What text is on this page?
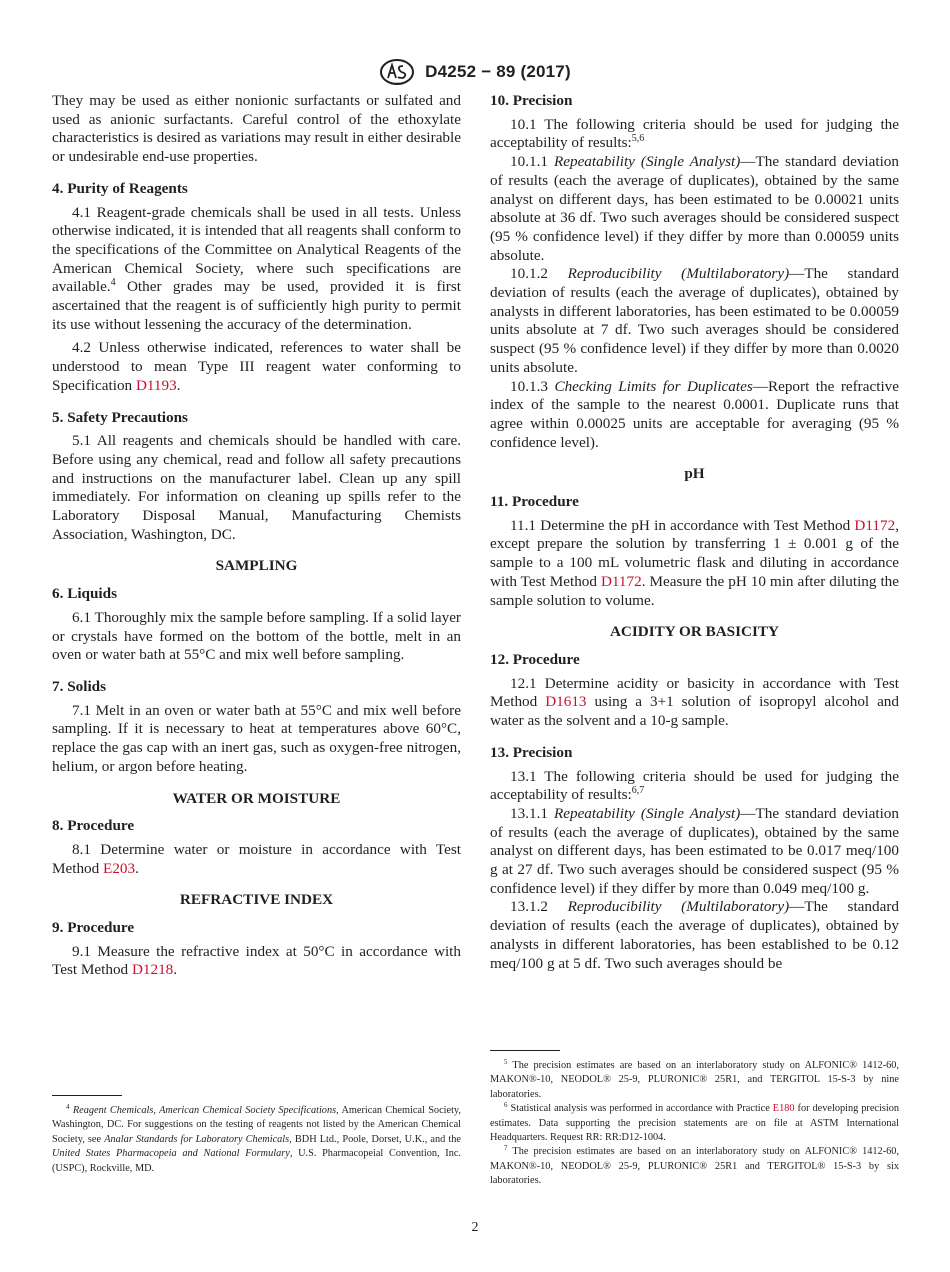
ASTM
D4252 − 89 (2017)

They may be used as either nonionic surfactants or sulfated and used as anionic surfactants. Careful control of the ethoxylate characteristics is desired as variations may result in either desirable or undesirable end-use properties.

4. Purity of Reagents

4.1 Reagent-grade chemicals shall be used in all tests. Unless otherwise indicated, it is intended that all reagents shall conform to the specifications of the Committee on Analytical Reagents of the American Chemical Society, where such specifications are available.$^4$ Other grades may be used, provided it is first ascertained that the reagent is of sufficiently high purity to permit its use without lessening the accuracy of the determination.

4.2 Unless otherwise indicated, references to water shall be understood to mean Type III reagent water conforming to Specification D1193.

5. Safety Precautions

5.1 All reagents and chemicals should be handled with care. Before using any chemical, read and follow all safety precautions and instructions on the manufacturer label. Clean up any spill immediately. For information on cleaning up spills refer to the Laboratory Disposal Manual, Manufacturing Chemists Association, Washington, DC.

SAMPLING
6. Liquids

6.1 Thoroughly mix the sample before sampling. If a solid layer or crystals have formed on the bottom of the bottle, melt in an oven or water bath at 55°C and mix well before sampling.

7. Solids

7.1 Melt in an oven or water bath at 55°C and mix well before sampling. If it is necessary to heat at temperatures above 60°C, replace the gas cap with an inert gas, such as oxygen-free nitrogen, helium, or argon before heating.

WATER OR MOISTURE
8. Procedure

8.1 Determine water or moisture in accordance with Test Method E203.

REFRACTIVE INDEX
9. Procedure

9.1 Measure the refractive index at 50°C in accordance with Test Method D1218.

10. Precision

10.1 The following criteria should be used for judging the acceptability of results:$^{5,6}$

10.1.1 Repeatability (Single Analyst)—The standard deviation of results (each the average of duplicates), obtained by the same analyst on different days, has been estimated to be 0.00021 units absolute at 36 df. Two such averages should be considered suspect (95 % confidence level) if they differ by more than 0.00059 units absolute.

10.1.2 Reproducibility (Multilaboratory)—The standard deviation of results (each the average of duplicates), obtained by analysts in different laboratories, has been estimated to be 0.00059 units absolute at 7 df. Two such averages should be considered suspect (95 % confidence level) if they differ by more than 0.0020 units absolute.

10.1.3 Checking Limits for Duplicates—Report the refractive index of the sample to the nearest 0.0001. Duplicate runs that agree within 0.00025 units are acceptable for averaging (95 % confidence level).

pH
11. Procedure

11.1 Determine the pH in accordance with Test Method D1172, except prepare the solution by transferring 1 ± 0.001 g of the sample to a 100 mL volumetric flask and diluting in accordance with Test Method D1172. Measure the pH 10 min after diluting the sample solution to volume.

ACIDITY OR BASICITY
12. Procedure

12.1 Determine acidity or basicity in accordance with Test Method D1613 using a 3+1 solution of isopropyl alcohol and water as the solvent and a 10-g sample.

13. Precision

13.1 The following criteria should be used for judging the acceptability of results:$^{6,7}$

13.1.1 Repeatability (Single Analyst)—The standard deviation of results (each the average of duplicates), obtained by the same analyst on different days, has been estimated to be 0.017 meq/100 g at 27 df. Two such averages should be considered suspect (95 % confidence level) if they differ by more than 0.049 meq/100 g.

13.1.2 Reproducibility (Multilaboratory)—The standard deviation of results (each the average of duplicates), obtained by analysts in different laboratories, has been established to be 0.12 meq/100 g at 5 df. Two such averages should be

$^4$ Reagent Chemicals, American Chemical Society Specifications, American Chemical Society, Washington, DC. For suggestions on the testing of reagents not listed by the American Chemical Society, see Analar Standards for Laboratory Chemicals, BDH Ltd., Poole, Dorset, U.K., and the United States Pharmacopeia and National Formulary, U.S. Pharmacopeial Convention, Inc. (USPC), Rockville, MD.

$^5$ The precision estimates are based on an interlaboratory study on ALFONIC® 1412-60, MAKON®-10, NEODOL® 25-9, PLURONIC® 25R1, and TERGITOL 15-S-3 by nine laboratories.

$^6$ Statistical analysis was performed in accordance with Practice E180 for developing precision estimates. Data supporting the precision statements are on file at ASTM International Headquarters. Request RR: RR:D12-1004.

$^7$ The precision estimates are based on an interlaboratory study on ALFONIC® 1412-60, MAKON®-10, NEODOL® 25-9, PLURONIC® 25R1 and TERGITOL® 15-S-3 by six laboratories.

2
